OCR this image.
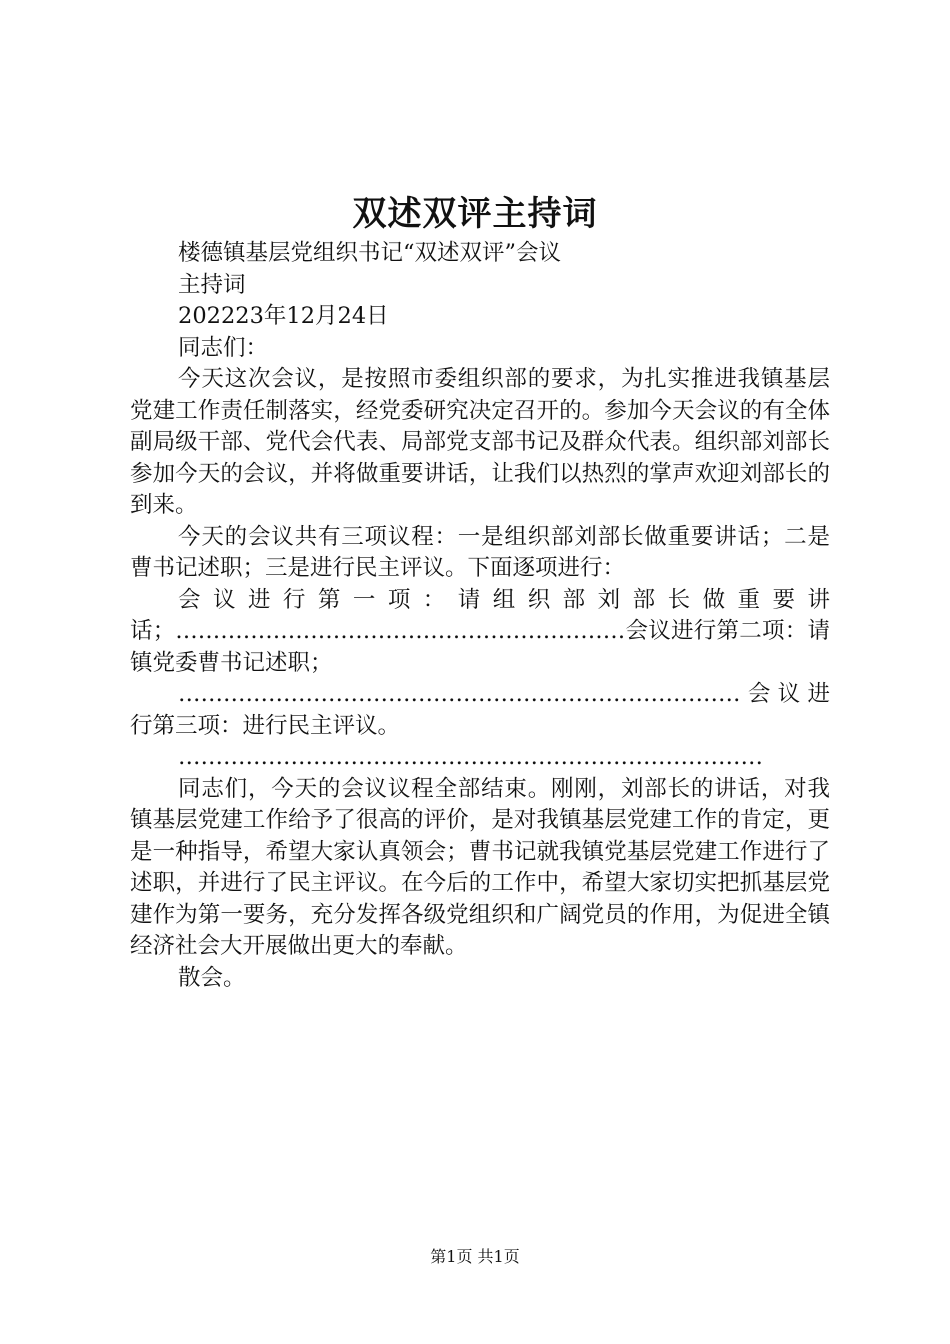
双述双评主持词

楼德镇基层党组织书记“双述双评”会议

主持词

202223年12月24日

同志们：

今天这次会议，是按照市委组织部的要求，为扎实推进我镇基层党建工作责任制落实，经党委研究决定召开的。参加今天会议的有全体副局级干部、党代会代表、局部党支部书记及群众代表。组织部刘部长参加今天的会议，并将做重要讲话，让我们以热烈的掌声欢迎刘部长的到来。

今天的会议共有三项议程：一是组织部刘部长做重要讲话；二是曹书记述职；三是进行民主评议。下面逐项进行：

会议进行第一项：请组织部刘部长做重要讲话；……………………………………………………会议进行第二项：请镇党委曹书记述职；

…………………………………………………………………会议进行第三项：进行民主评议。

……………………………………………………………………

同志们，今天的会议议程全部结束。刚刚，刘部长的讲话，对我镇基层党建工作给予了很高的评价，是对我镇基层党建工作的肯定，更是一种指导，希望大家认真领会；曹书记就我镇党基层党建工作进行了述职，并进行了民主评议。在今后的工作中，希望大家切实把抓基层党建作为第一要务，充分发挥各级党组织和广阔党员的作用，为促进全镇经济社会大开展做出更大的奉献。

散会。

第1页 共1页
